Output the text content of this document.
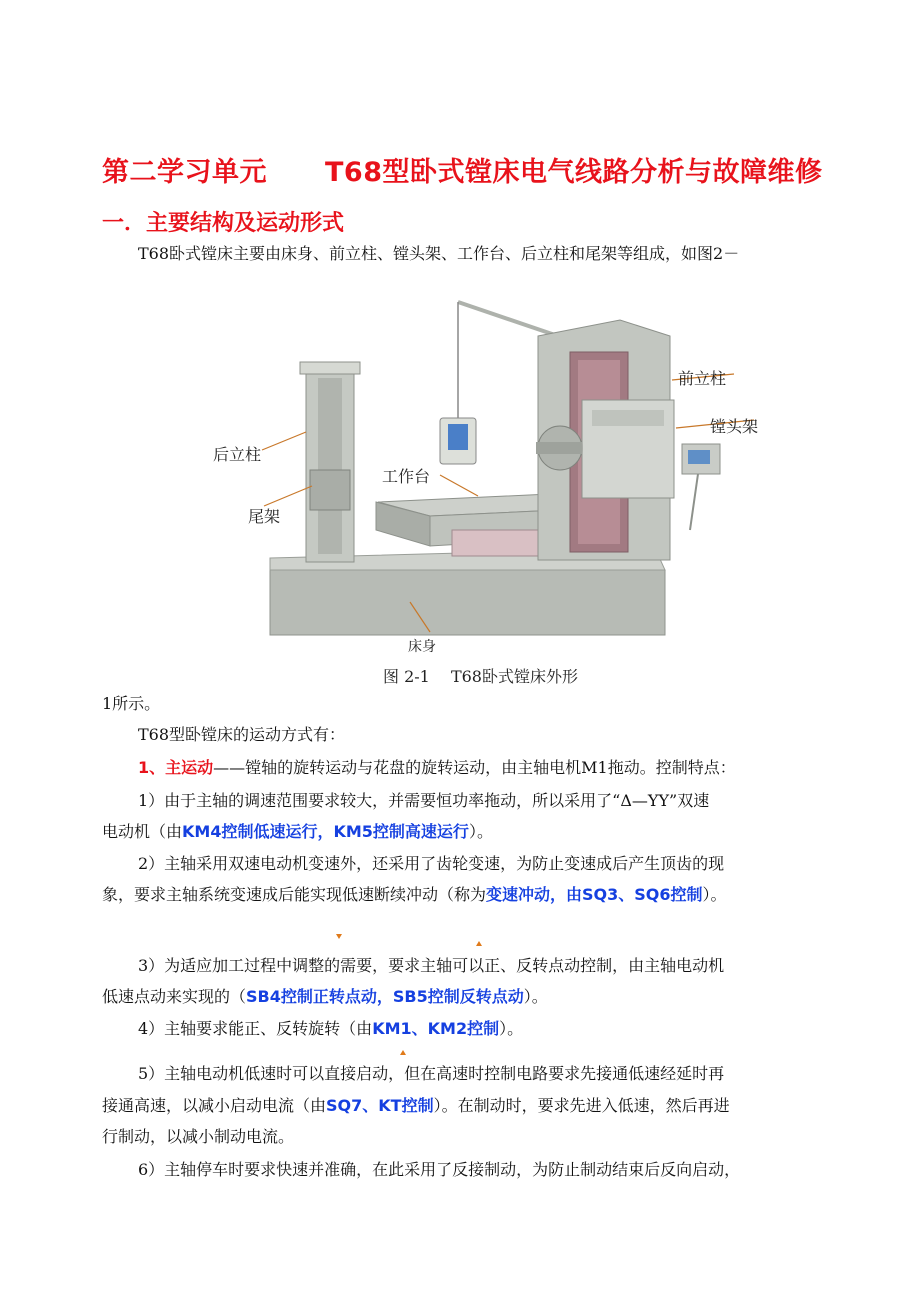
第二学习单元 T68型卧式镗床电气线路分析与故障维修
一．主要结构及运动形式
T68卧式镗床主要由床身、前立柱、镗头架、工作台、后立柱和尾架等组成，如图2－
前立柱
镗头架
后立柱
工作台
尾架
床身
图 2-1　 T68卧式镗床外形
1所示。
T68型卧镗床的运动方式有：
1、主运动——镗轴的旋转运动与花盘的旋转运动，由主轴电机M1拖动。控制特点：
1）由于主轴的调速范围要求较大，并需要恒功率拖动，所以采用了“Δ—YY”双速
电动机（由KM4控制低速运行，KM5控制高速运行）。
2）主轴采用双速电动机变速外，还采用了齿轮变速，为防止变速成后产生顶齿的现
象，要求主轴系统变速成后能实现低速断续冲动（称为变速冲动，由SQ3、SQ6控制）。
3）为适应加工过程中调整的需要，要求主轴可以正、反转点动控制，由主轴电动机
低速点动来实现的（SB4控制正转点动，SB5控制反转点动）。
4）主轴要求能正、反转旋转（由KM1、KM2控制）。
5）主轴电动机低速时可以直接启动，但在高速时控制电路要求先接通低速经延时再
接通高速，以减小启动电流（由SQ7、KT控制）。在制动时，要求先进入低速，然后再进
行制动，以减小制动电流。
6）主轴停车时要求快速并准确，在此采用了反接制动，为防止制动结束后反向启动，
